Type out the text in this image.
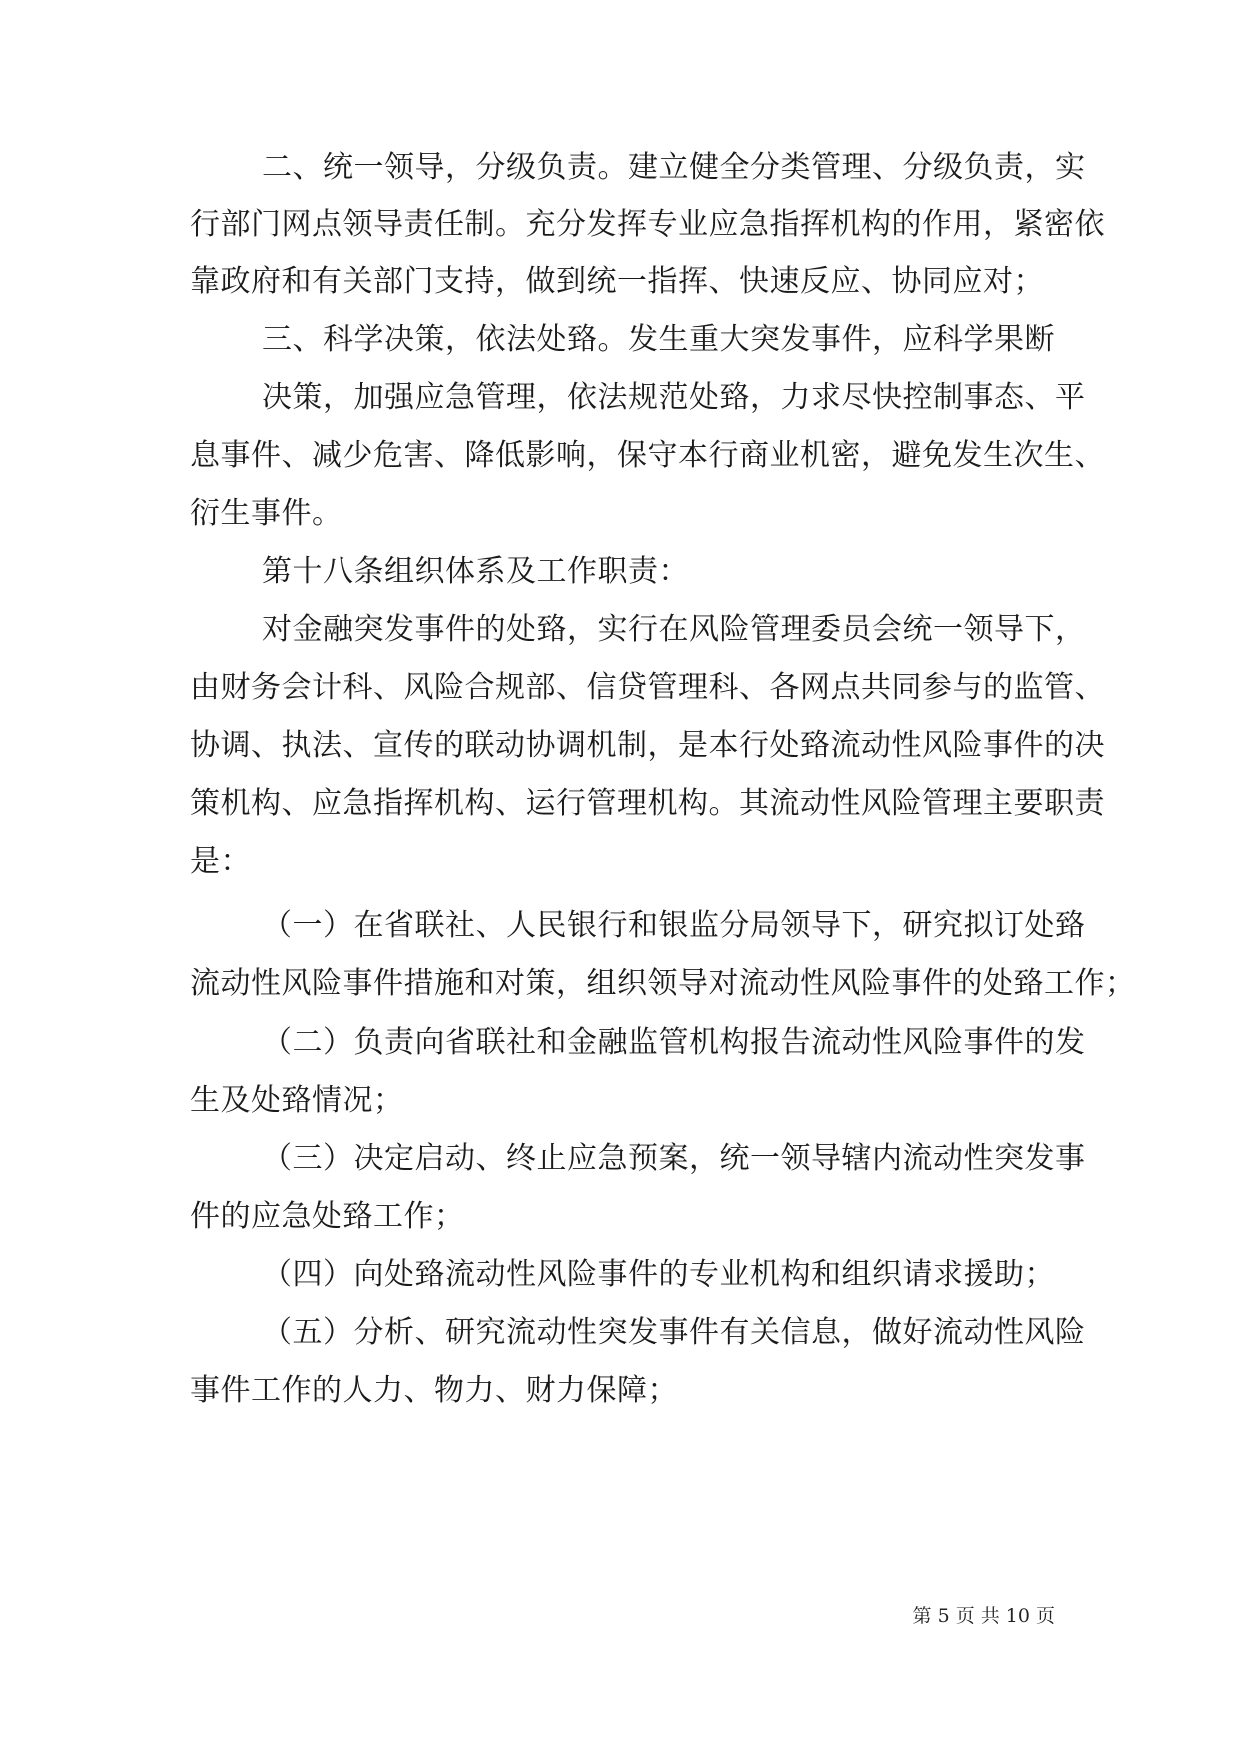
二、统一领导，分级负责。建立健全分类管理、分级负责，实
行部门网点领导责任制。充分发挥专业应急指挥机构的作用，紧密依
靠政府和有关部门支持，做到统一指挥、快速反应、协同应对；
三、科学决策，依法处臵。发生重大突发事件，应科学果断
决策，加强应急管理，依法规范处臵，力求尽快控制事态、平
息事件、减少危害、降低影响，保守本行商业机密，避免发生次生、
衍生事件。
第十八条组织体系及工作职责：
对金融突发事件的处臵，实行在风险管理委员会统一领导下，
由财务会计科、风险合规部、信贷管理科、各网点共同参与的监管、
协调、执法、宣传的联动协调机制，是本行处臵流动性风险事件的决
策机构、应急指挥机构、运行管理机构。其流动性风险管理主要职责
是：
（一）在省联社、人民银行和银监分局领导下，研究拟订处臵
流动性风险事件措施和对策，组织领导对流动性风险事件的处臵工作；
（二）负责向省联社和金融监管机构报告流动性风险事件的发
生及处臵情况；
（三）决定启动、终止应急预案，统一领导辖内流动性突发事
件的应急处臵工作；
（四）向处臵流动性风险事件的专业机构和组织请求援助；
（五）分析、研究流动性突发事件有关信息，做好流动性风险
事件工作的人力、物力、财力保障；
第 5 页 共 10 页
